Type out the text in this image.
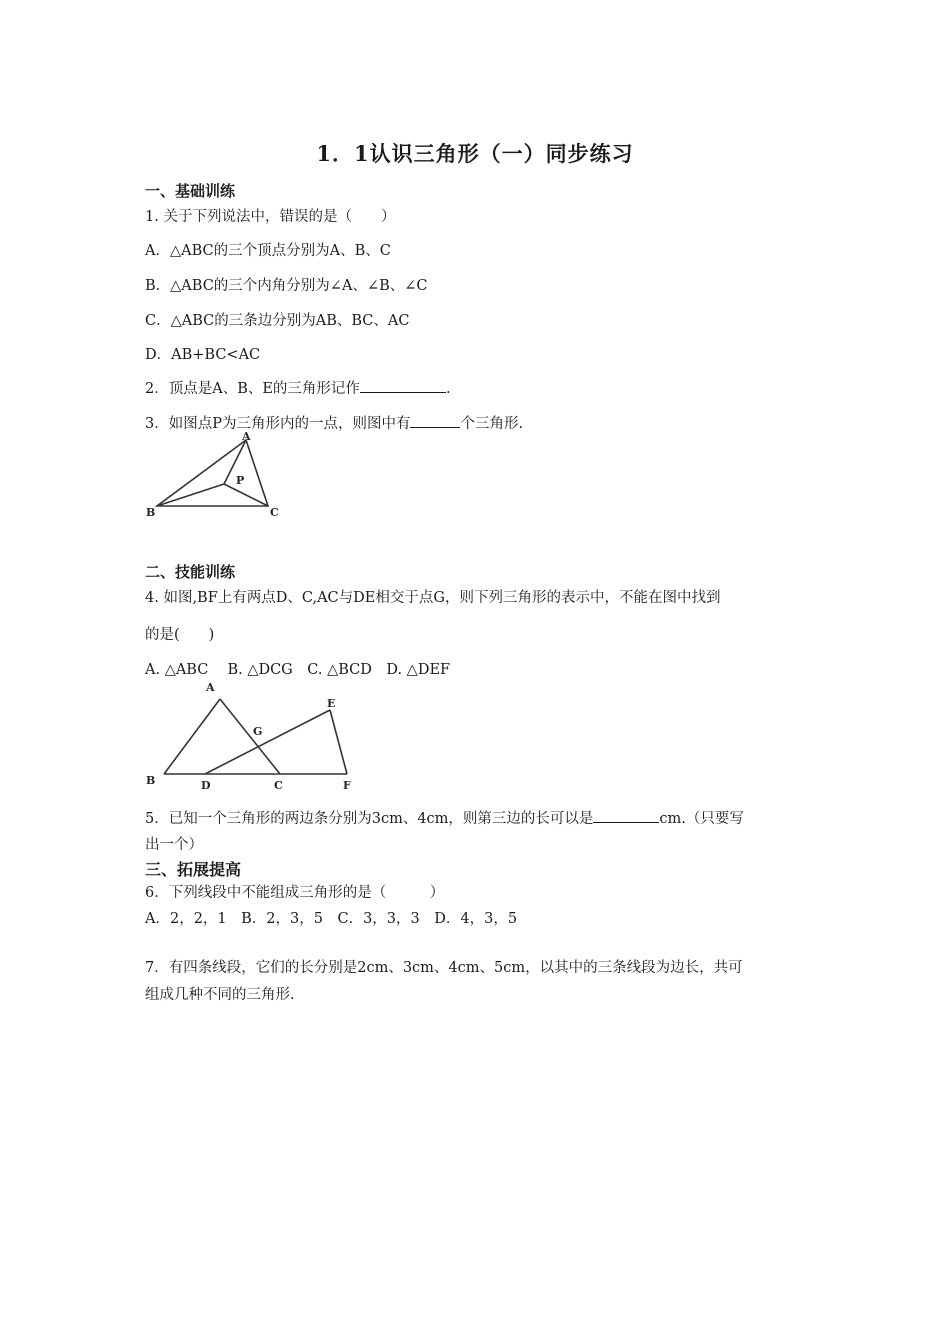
1．1认识三角形（一）同步练习
一、基础训练
1. 关于下列说法中，错误的是（　　）
A．△ABC的三个顶点分别为A、B、C
B．△ABC的三个内角分别为∠A、∠B、∠C
C．△ABC的三条边分别为AB、BC、AC
D．AB+BC<AC
2．顶点是A、B、E的三角形记作	.
3．如图点P为三角形内的一点，则图中有	个三角形.
A
B	C
P
二、技能训练
4. 如图,BF上有两点D、C,AC与DE相交于点G，则下列三角形的表示中，不能在图中找到
的是(　　)
A. △ABC　 B. △DCG　C. △BCD　D. △DEF
A
B	C
D
E
F
G
5．已知一个三角形的两边条分别为3cm、4cm，则第三边的长可以是	cm.（只要写
出一个）
三、拓展提高
6．下列线段中不能组成三角形的是（　　　）
A．2，2，1　B．2，3，5　C．3，3，3　D．4，3，5
7．有四条线段，它们的长分别是2cm、3cm、4cm、5cm，以其中的三条线段为边长，共可
组成几种不同的三角形.
